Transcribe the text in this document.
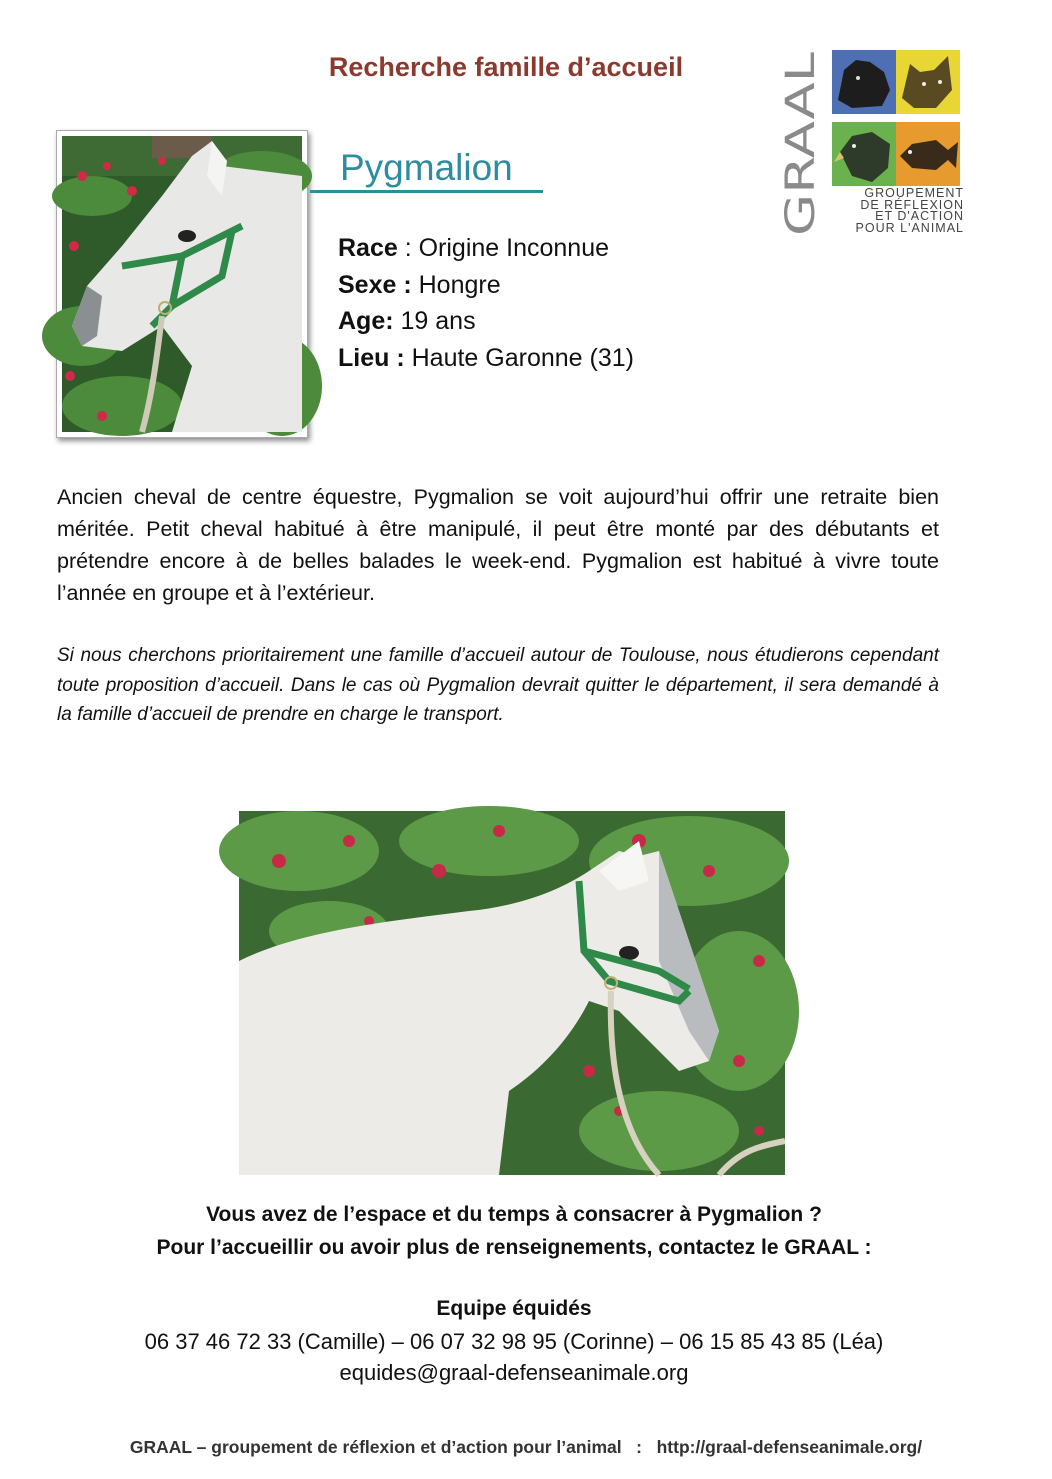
Recherche famille d’accueil
Pygmalion
Race : Origine Inconnue
Sexe : Hongre
Age: 19 ans
Lieu : Haute Garonne (31)
GRAAL	GROUPEMENT
DE RÉFLEXION
ET D'ACTION
POUR L'ANIMAL

Ancien cheval de centre équestre, Pygmalion se voit aujourd’hui offrir une retraite bien méritée. Petit cheval habitué à être manipulé, il peut être monté par des débutants et prétendre encore à de belles balades le week-end. Pygmalion est habitué à vivre toute l’année en groupe et à l’extérieur.

Si nous cherchons prioritairement une famille d’accueil autour de Toulouse, nous étudierons cependant toute proposition d’accueil. Dans le cas où Pygmalion devrait quitter le département, il sera demandé à la famille d’accueil de prendre en charge le transport.

Vous avez de l’espace et du temps à consacrer à Pygmalion ?
Pour l’accueillir ou avoir plus de renseignements, contactez le GRAAL :
Equipe équidés
06 37 46 72 33 (Camille) – 06 07 32 98 95 (Corinne) – 06 15 85 43 85 (Léa)
equides@graal-defenseanimale.org
GRAAL – groupement de réflexion et d’action pour l’animal   :   http://graal-defenseanimale.org/
